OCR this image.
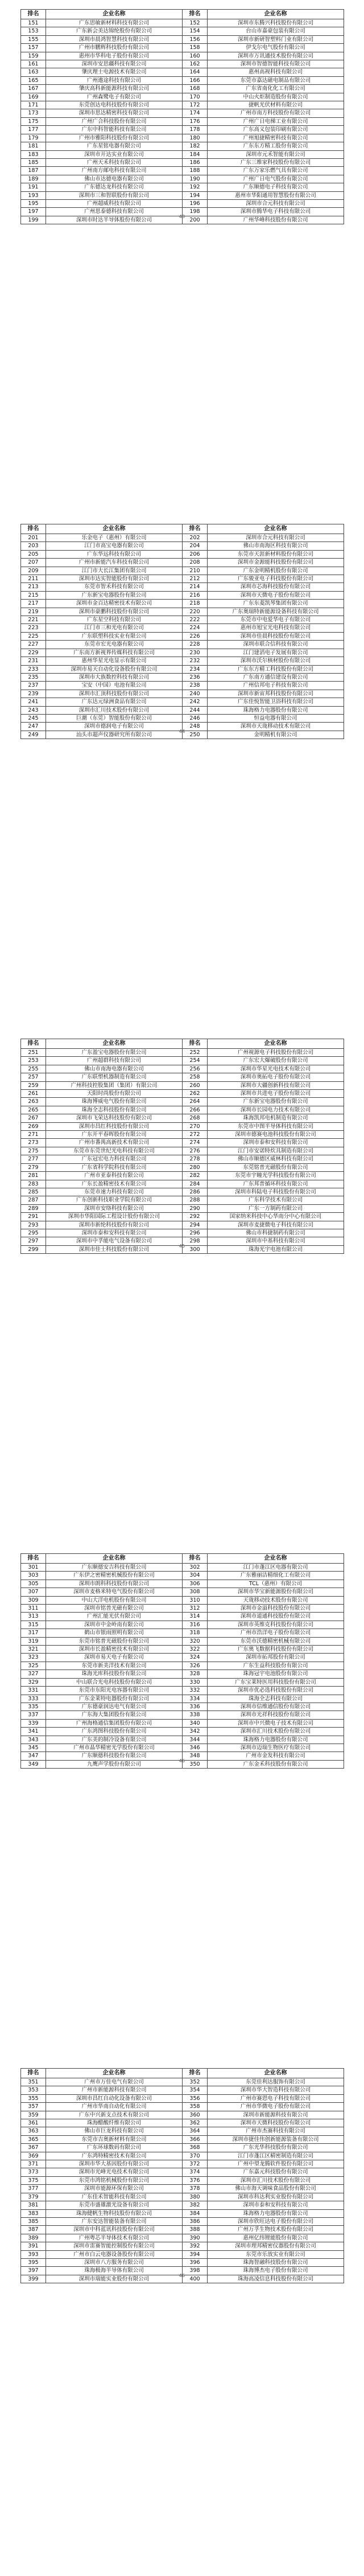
排名	企业名称	排名	企业名称
151	广东思敏新材料科技有限公司	152	深圳市东腾兴科技股份有限公司
153	广东新会美达锦纶股份有限公司	154	台山市嘉豪包装有限公司
155	深圳市晨鸿智慧科技有限公司	156	深圳市新研智塑料门业有限公司
157	广州市鹏辉科技股份有限公司	158	伊戈尔电气股份有限公司
159	惠州市华科电子股份有限公司	160	深圳市万讯通技术股份有限公司
161	深圳市安思疆科技有限公司	162	深圳市智德智能科技有限公司
163	肇庆理士电源技术有限公司	164	惠州高视科技有限公司
165	广州遨途科技有限公司	166	东莞市嘉达磁电制品有限公司
167	肇庆高科新能源科技有限公司	168	广东省南化化工有限公司
169	广州森鹭电子有限公司	170	中山火炬制造股份有限公司
171	东莞创达电科技股份有限公司	172	捷帆光伏材料有限公司
173	深圳市思达精密科技有限公司	174	广州市南方科技股份有限公司
175	广州广合科技股份有限公司	176	广州广日电梯工业有限公司
177	广东中科智能科技有限公司	178	广东高义包装印刷有限公司
179	广州市雅阳科技股份有限公司	180	广州旭捷精密科技有限公司
181	广东星铭电器有限公司	182	广东东方精工股份有限公司
183	深圳市开达实业有限公司	184	深圳市元禾智能有限公司
185	广州天禾科技有限公司	186	广东三维家科技股份有限公司
187	广州南方邮电科技有限公司	188	广东万家乐燃气具有限公司
189	佛山市达德电器有限公司	190	广州广日电气股份有限公司
191	广东德达龙科技有限公司	192	广东顺德电子科技有限公司
193	深圳市三和智联股份有限公司	194	惠州市华阳通用智慧股份有限公司
195	广州超威科技有限公司	196	深圳市合元科技有限公司
197	广州思泰德科技有限公司	198	深圳市腾华电子科技有限公司
199	深圳市时达半导体股份有限公司	200	广州华峰科技股份有限公司
43
排名	企业名称	排名	企业名称
201	乐金电子（惠州）有限公司	202	深圳市合元科技有限公司
203	江门市高宝电器有限公司	204	佛山市南海区科技有限公司
205	广东华远科技有限公司	206	东莞市天涯新材料股份有限公司
207	广州市新能汽车科技有限公司	208	深圳市金源能科技股份有限公司
209	江门市大长江集团有限公司	210	广东金明精机股份有限公司
211	深圳市达实智能股份有限公司	212	广东骏亚电子科技股份有限公司
213	东莞市智禾科技有限公司	214	深圳市芯海科技股份有限公司
215	广东新宝电器股份有限公司	216	深圳市天微电子股份有限公司
217	深圳市金百达精密技术有限公司	218	广东东菱凯琴集团有限公司
219	深圳市豪鹏科技股份有限公司	220	广东奥瑞特新能源设备科技有限公司
221	广东星空科技有限公司	222	东莞市中电爱华电子有限公司
223	江门市三和光电有限公司	224	惠州市旭宝光电科技有限公司
225	广东联塑科技实业有限公司	226	深圳市佳晨科技股份有限公司
227	东莞市宏光电器有限公司	228	深圳市联合信科技有限公司
229	广东南方新视界传媒科技有限公司	230	江门建滔电子发展有限公司
231	惠州华星光电显示有限公司	232	深圳市沃尔核材股份有限公司
233	深圳市易天自动化设备股份有限公司	234	广东东方精工科技股份有限公司
235	深圳市大族数控科技有限公司	236	广东南方通信建设有限公司
237	宝安（中国）电池有限公司	238	广州信邦电子科技有限公司
239	深圳市汇顶科技股份有限公司	240	深圳市新宙邦科技股份有限公司
241	广东达元绿洲食品有限公司	242	广东佳悦智能卫浴科技有限公司
243	深圳市汇川技术股份有限公司	244	珠海格力电器股份有限公司
245	巨潮（东莞）智能股份有限公司	246	恒益电器有限公司
247	深圳市德润电子有限公司	248	深圳市天珑移动技术有限公司
249	汕头市超声仪器研究所有限公司	250	金明精机有限公司
44
排名	企业名称	排名	企业名称
251	广东盈宝电器股份有限公司	252	广州视源电子科技股份有限公司
253	广州超群科技有限公司	254	广东宏大爆破股份有限公司
255	佛山市南海电器有限公司	256	深圳市华星光电技术有限公司
257	广东联塑机器制造有限公司	258	深圳市奥拓电子股份有限公司
259	广州科技控股集团（集团）有限公司	260	深圳市大疆创新科技有限公司
261	天阳时尚股份有限公司	262	深圳市共进电子股份有限公司
263	珠海博威电气股份有限公司	264	广东新宝电器股份有限公司
265	珠海全志科技股份有限公司	266	深圳市长园电力技术有限公司
267	深圳市飞荣达科技股份有限公司	268	珠海凯邦电机制造有限公司
269	深圳市昌红科技股份有限公司	270	东莞市中图半导体科技有限公司
271	广东开平春晖股份有限公司	272	深圳市德赛电池科技股份有限公司
273	广州市番禺高新技术有限公司	274	深圳市泰和安科技有限公司
275	东莞市东莞世纪光电科技有限公司	276	江门市安诺特炊具制造有限公司
277	广东冠宏电力科技有限公司	278	佛山市顺德区威林科技有限公司
279	广东省科学院科技有限公司	280	东莞铭普光磁股份有限公司
281	广州市亚泰科技有限公司	282	东莞市宇瞳光学科技股份有限公司
283	广东长盈精密技术有限公司	284	广东邦普循环科技有限公司
285	东莞市速力科技有限公司	286	深圳市科陆电子科技股份有限公司
287	广东创新科技职业学院有限公司	288	广东科学技术有限公司
289	深圳市安络科技有限公司	290	广东一方制药有限公司
291	深圳市华阳国际工程设计股份有限公司	292	国家纳米科技中心华南分中心有限公司
293	深圳市新纶科技股份有限公司	294	深圳市麦捷微电子科技有限公司
295	深圳市泰和安科技有限公司	296	佛山市科捷制药有限公司
297	深圳市中孚能电气设备有限公司	298	深圳市中基科技有限公司
299	深圳市佳士科技股份有限公司	300	珠海光宇电池有限公司
45
排名	企业名称	排名	企业名称
301	广东顺德安吉科技有限公司	302	江门市蓬江区电器有限公司
303	广东伊之密精密机械股份有限公司	304	广东雅丽洁精细化工有限公司
305	深圳市朗科科技股份有限公司	306	TCL（惠州）有限公司
307	深圳市麦格米特电气股份有限公司	308	深圳市华宝新能源股份有限公司
309	中山大洋电机股份有限公司	310	天珑移动技术股份有限公司
311	深圳市铭普光磁有限公司	312	深圳市金溢科技股份有限公司
313	广州汇能光伏有限公司	314	深圳市道通科技股份有限公司
315	深圳市中金岭南有限公司	316	深圳市英维克科技股份有限公司
317	鹤山市银雨照明有限公司	318	广州市浩洋电子股份有限公司
319	东莞市铭普光磁股份有限公司	320	东莞市沃德精密机械有限公司
321	深圳市长盈精密技术有限公司	322	广东奥飞数据科技股份有限公司
323	深圳市易天电子有限公司	324	深圳市拓邦股份有限公司
325	东莞市新美洋技术有限公司	326	广东生益科技股份有限公司
327	珠海光库科技股份有限公司	328	珠海冠宇电池股份有限公司
329	中山联合光电科技股份有限公司	330	广东宝莱特医用科技股份有限公司
331	东莞市东阳光电容器有限公司	332	深圳市优必选科技股份有限公司
333	广东金莱特电器股份有限公司	334	珠海全志科技有限公司
335	广东德豪润达电气有限公司	336	深圳市信维通信股份有限公司
337	广东海大集团股份有限公司	338	深圳市光祥科技股份有限公司
339	广州海格通信集团股份有限公司	340	深圳市中兴微电子技术有限公司
341	广东鸿图科技股份有限公司	342	深圳市汇川技术股份有限公司
343	广东美的制冷设备有限公司	344	珠海格力电器股份有限公司
345	广州市晶华精密光学股份有限公司	346	深圳市迈瑞生物医疗有限公司
347	广东顺德科技股份有限公司	348	广州市金发科技有限公司
349	九鹰声学股份有限公司	350	广东金禾科技股份有限公司
46
排名	企业名称	排名	企业名称
351	广州市万佳电气有限公司	352	东莞佳利达服饰有限公司
353	广州市新能源科技有限公司	354	深圳市华大智造科技有限公司
355	深圳市昌红自动化设备有限公司	356	广州市赛恩电子科技有限公司
357	广州市华南自动化有限公司	358	广州市华微电子股份有限公司
359	广东中兴新支点技术有限公司	360	深圳市新能源科技有限公司
361	珠海醋酸纤维有限公司	362	深圳市天微科技股份有限公司
363	佛山市巨龙科技有限公司	364	广州市杰赛科技有限公司
365	东莞市吉奥新材料有限公司	366	深圳市捷佳伟创新能源装备有限公司
367	广东环球数码有限公司	368	广东光华科技股份有限公司
369	广东鸿特精密技术有限公司	370	江门市蓬江区精密制造有限公司
371	深圳市华大基因股份有限公司	372	广州中望龙腾软件股份有限公司
373	深圳市光峰光电技术有限公司	374	广东嘉元科技股份有限公司
375	东莞市鸿铭机械股份有限公司	376	深圳市汇川技术股份有限公司
377	深圳市能源环保有限公司	378	佛山市海天调味食品股份有限公司
379	广东佳禾智能科技有限公司	380	深圳市科达利实业股份有限公司
381	东莞市盛雄激光设备有限公司	382	深圳市泰和安科技有限公司
383	珠海健帆生物科技股份有限公司	384	珠海格力电器股份有限公司
385	广东安达智能装备有限公司	386	深圳市欣旺达电子股份有限公司
387	深圳市中科蓝讯科技股份有限公司	388	广州万孚生物技术股份有限公司
389	广州粤芯半导体技术有限公司	390	惠州亿纬锂能股份有限公司
391	深圳市雷赛智能控制股份有限公司	392	深圳市理邦精密仪器股份有限公司
393	广州市白云电器设备股份有限公司	394	东莞市乐放实业有限公司
395	深圳市八方服务有限公司	396	珠海智融科技股份有限公司
397	珠海极海半导体有限公司	398	珠海博杰电子股份有限公司
399	深圳市瑞能实业股份有限公司	400	珠海高凌信息科技股份有限公司
46
